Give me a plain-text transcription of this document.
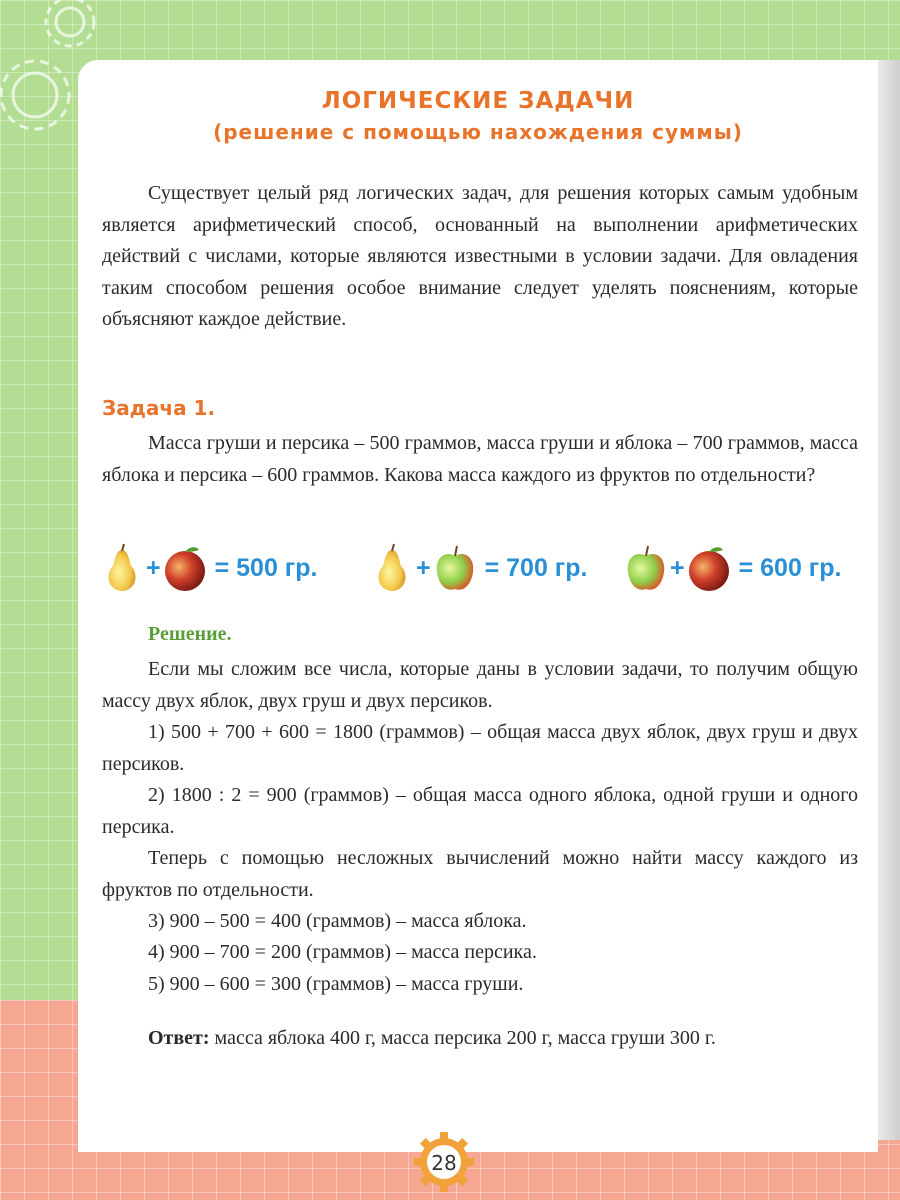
ЛОГИЧЕСКИЕ ЗАДАЧИ
(решение с помощью нахождения суммы)
Существует целый ряд логических задач, для решения которых самым удобным является арифметический способ, основанный на выполнении арифметических действий с числами, которые являются известными в условии задачи. Для овладения таким способом решения особое внимание следует уделять пояснениям, которые объясняют каждое действие.
Задача 1.
Масса груши и персика – 500 граммов, масса груши и яблока – 700 граммов, масса яблока и персика – 600 граммов. Какова масса каждого из фруктов по отдельности?
+ = 500 гр.	+ = 700 гр.	+ = 600 гр.
Решение.
Если мы сложим все числа, которые даны в условии задачи, то получим общую массу двух яблок, двух груш и двух персиков.
1) 500 + 700 + 600 = 1800 (граммов) – общая масса двух яблок, двух груш и двух персиков.
2) 1800 : 2 = 900 (граммов) – общая масса одного яблока, одной груши и одного персика.
Теперь с помощью несложных вычислений можно найти массу каждого из фруктов по отдельности.
3) 900 – 500 = 400 (граммов) – масса яблока.
4) 900 – 700 = 200 (граммов) – масса персика.
5) 900 – 600 = 300 (граммов) – масса груши.
Ответ: масса яблока 400 г, масса персика 200 г, масса груши 300 г.
28
